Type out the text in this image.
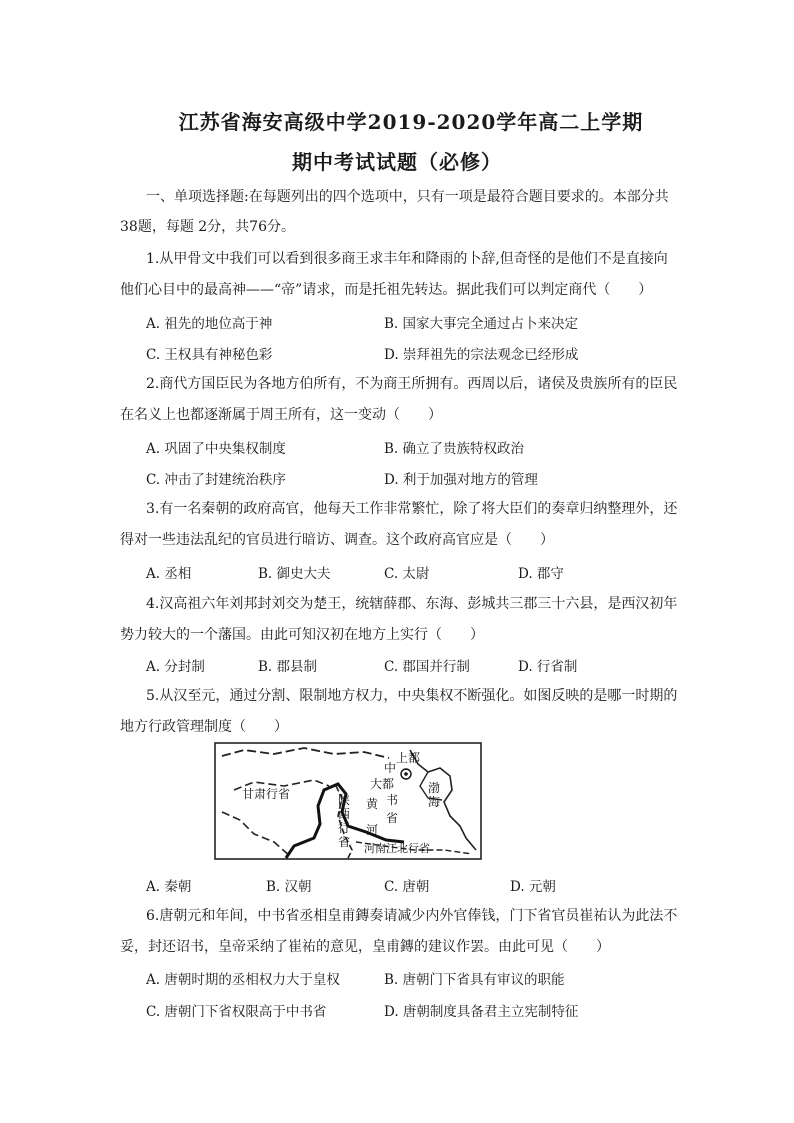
江苏省海安高级中学2019-2020学年高二上学期
期中考试试题（必修）
一、单项选择题:在每题列出的四个选项中，只有一项是最符合题目要求的。本部分共
38题，每题 2分，共76分。
1.从甲骨文中我们可以看到很多商王求丰年和降雨的卜辞,但奇怪的是他们不是直接向
他们心目中的最高神——“帝”请求，而是托祖先转达。据此我们可以判定商代（　　）
A. 祖先的地位高于神	B. 国家大事完全通过占卜来决定
C. 王权具有神秘色彩	D. 崇拜祖先的宗法观念已经形成
2.商代方国臣民为各地方伯所有，不为商王所拥有。西周以后，诸侯及贵族所有的臣民
在名义上也都逐渐属于周王所有，这一变动（　　）
A. 巩固了中央集权制度	B. 确立了贵族特权政治
C. 冲击了封建统治秩序	D. 利于加强对地方的管理
3.有一名秦朝的政府高官，他每天工作非常繁忙，除了将大臣们的奏章归纳整理外，还
得对一些违法乱纪的官员进行暗访、调查。这个政府高官应是（　　）
A. 丞相	B. 御史大夫	C. 太尉	D. 郡守
4.汉高祖六年刘邦封刘交为楚王，统辖薛郡、东海、彭城共三郡三十六县，是西汉初年
势力较大的一个藩国。由此可知汉初在地方上实行（　　）
A. 分封制	B. 郡县制	C. 郡国并行制	D. 行省制
5.从汉至元，通过分割、限制地方权力，中央集权不断强化。如图反映的是哪一时期的
地方行政管理制度（　　）
甘肃行省	陕
西
行
省
黄
河
中
书
省
上都
大都	渤
海
河南江北行省
A. 秦朝	B. 汉朝	C. 唐朝	D. 元朝
6.唐朝元和年间，中书省丞相皇甫鏄奏请减少内外官俸钱，门下省官员崔祐认为此法不
妥，封还诏书，皇帝采纳了崔祐的意见，皇甫鏄的建议作罢。由此可见（　　）
A. 唐朝时期的丞相权力大于皇权	B. 唐朝门下省具有审议的职能
C. 唐朝门下省权限高于中书省	D. 唐朝制度具备君主立宪制特征
